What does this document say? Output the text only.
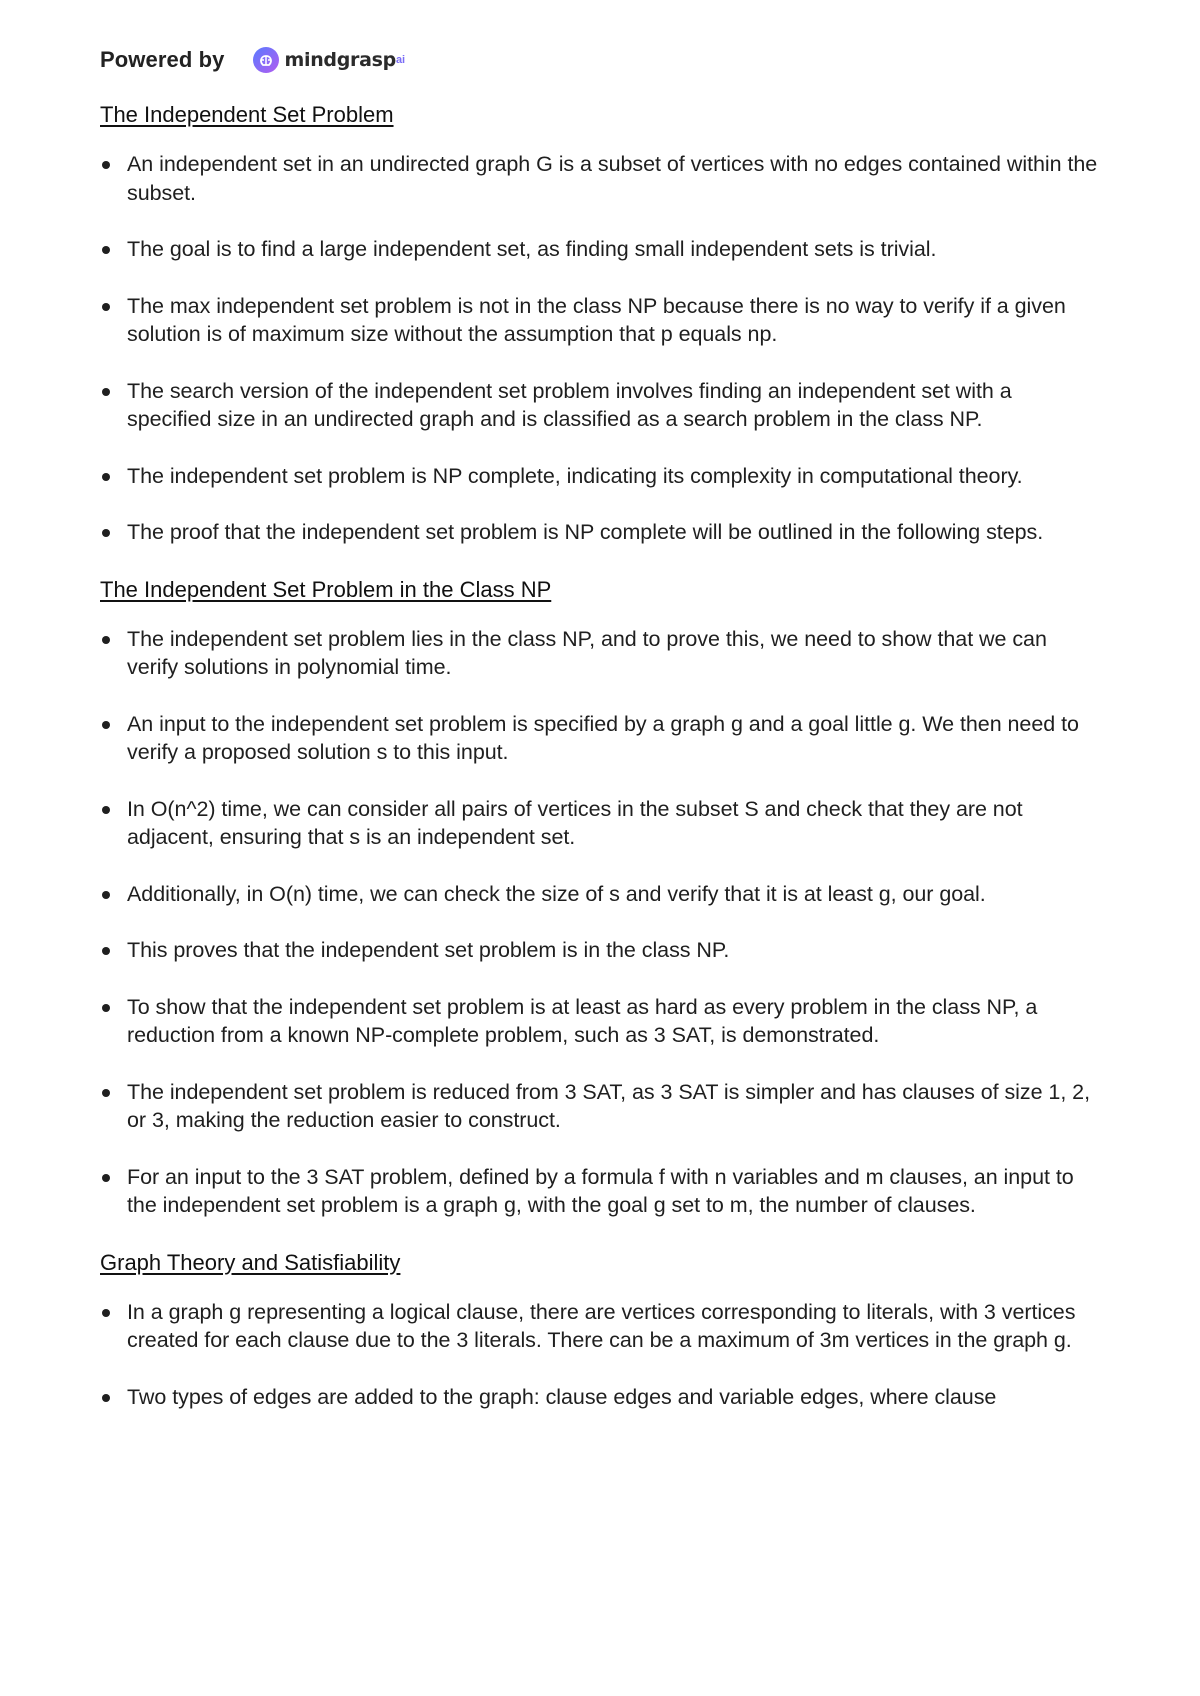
Powered by	mindgrasp ai
The Independent Set Problem
An independent set in an undirected graph G is a subset of vertices with no edges contained within the subset.
The goal is to find a large independent set, as finding small independent sets is trivial.
The max independent set problem is not in the class NP because there is no way to verify if a given solution is of maximum size without the assumption that p equals np.
The search version of the independent set problem involves finding an independent set with a specified size in an undirected graph and is classified as a search problem in the class NP.
The independent set problem is NP complete, indicating its complexity in computational theory.
The proof that the independent set problem is NP complete will be outlined in the following steps.
The Independent Set Problem in the Class NP
The independent set problem lies in the class NP, and to prove this, we need to show that we can verify solutions in polynomial time.
An input to the independent set problem is specified by a graph g and a goal little g. We then need to verify a proposed solution s to this input.
In O(n^2) time, we can consider all pairs of vertices in the subset S and check that they are not adjacent, ensuring that s is an independent set.
Additionally, in O(n) time, we can check the size of s and verify that it is at least g, our goal.
This proves that the independent set problem is in the class NP.
To show that the independent set problem is at least as hard as every problem in the class NP, a reduction from a known NP-complete problem, such as 3 SAT, is demonstrated.
The independent set problem is reduced from 3 SAT, as 3 SAT is simpler and has clauses of size 1, 2, or 3, making the reduction easier to construct.
For an input to the 3 SAT problem, defined by a formula f with n variables and m clauses, an input to the independent set problem is a graph g, with the goal g set to m, the number of clauses.
Graph Theory and Satisfiability
In a graph g representing a logical clause, there are vertices corresponding to literals, with 3 vertices created for each clause due to the 3 literals. There can be a maximum of 3m vertices in the graph g.
Two types of edges are added to the graph: clause edges and variable edges, where clause
